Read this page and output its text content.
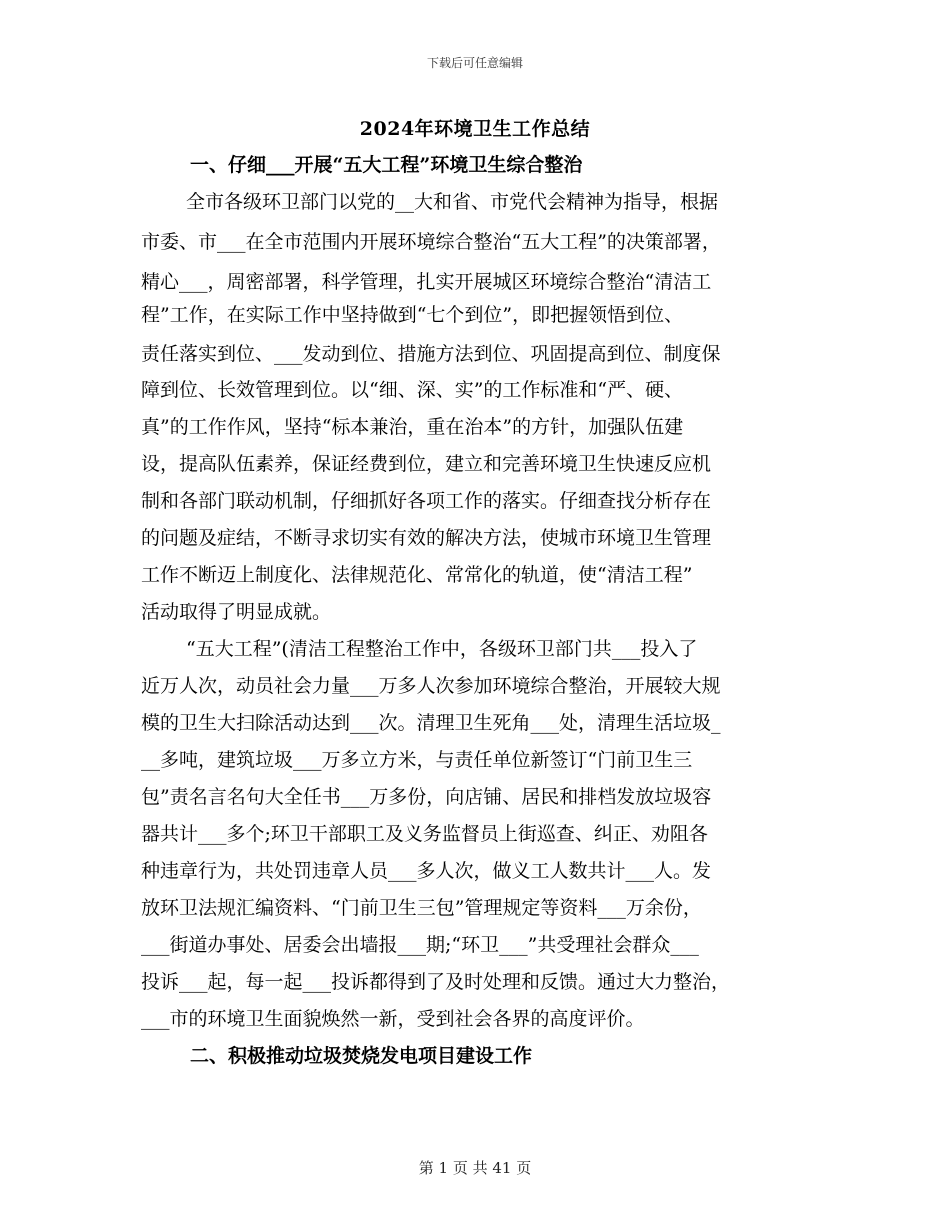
下载后可任意编辑
2024年环境卫生工作总结
一、仔细___开展“五大工程”环境卫生综合整治
全市各级环卫部门以党的__大和省、市党代会精神为指导，根据
市委、市___在全市范围内开展环境综合整治“五大工程”的决策部署，
精心___，周密部署，科学管理，扎实开展城区环境综合整治“清洁工
程”工作，在实际工作中坚持做到“七个到位”，即把握领悟到位、
责任落实到位、___发动到位、措施方法到位、巩固提高到位、制度保
障到位、长效管理到位。以“细、深、实”的工作标准和“严、硬、
真”的工作作风，坚持“标本兼治，重在治本”的方针，加强队伍建
设，提高队伍素养，保证经费到位，建立和完善环境卫生快速反应机
制和各部门联动机制，仔细抓好各项工作的落实。仔细查找分析存在
的问题及症结，不断寻求切实有效的解决方法，使城市环境卫生管理
工作不断迈上制度化、法律规范化、常常化的轨道，使“清洁工程”
活动取得了明显成就。
“五大工程”(清洁工程整治工作中，各级环卫部门共___投入了
近万人次，动员社会力量___万多人次参加环境综合整治，开展较大规
模的卫生大扫除活动达到___次。清理卫生死角___处，清理生活垃圾_
__多吨，建筑垃圾___万多立方米，与责任单位新签订“门前卫生三
包”责名言名句大全任书___万多份，向店铺、居民和排档发放垃圾容
器共计___多个;环卫干部职工及义务监督员上街巡查、纠正、劝阻各
种违章行为，共处罚违章人员___多人次，做义工人数共计___人。发
放环卫法规汇编资料、“门前卫生三包”管理规定等资料___万余份，
___街道办事处、居委会出墙报___期;“环卫___”共受理社会群众___
投诉___起，每一起___投诉都得到了及时处理和反馈。通过大力整治，
___市的环境卫生面貌焕然一新，受到社会各界的高度评价。
二、积极推动垃圾焚烧发电项目建设工作
第 1 页 共 41 页
